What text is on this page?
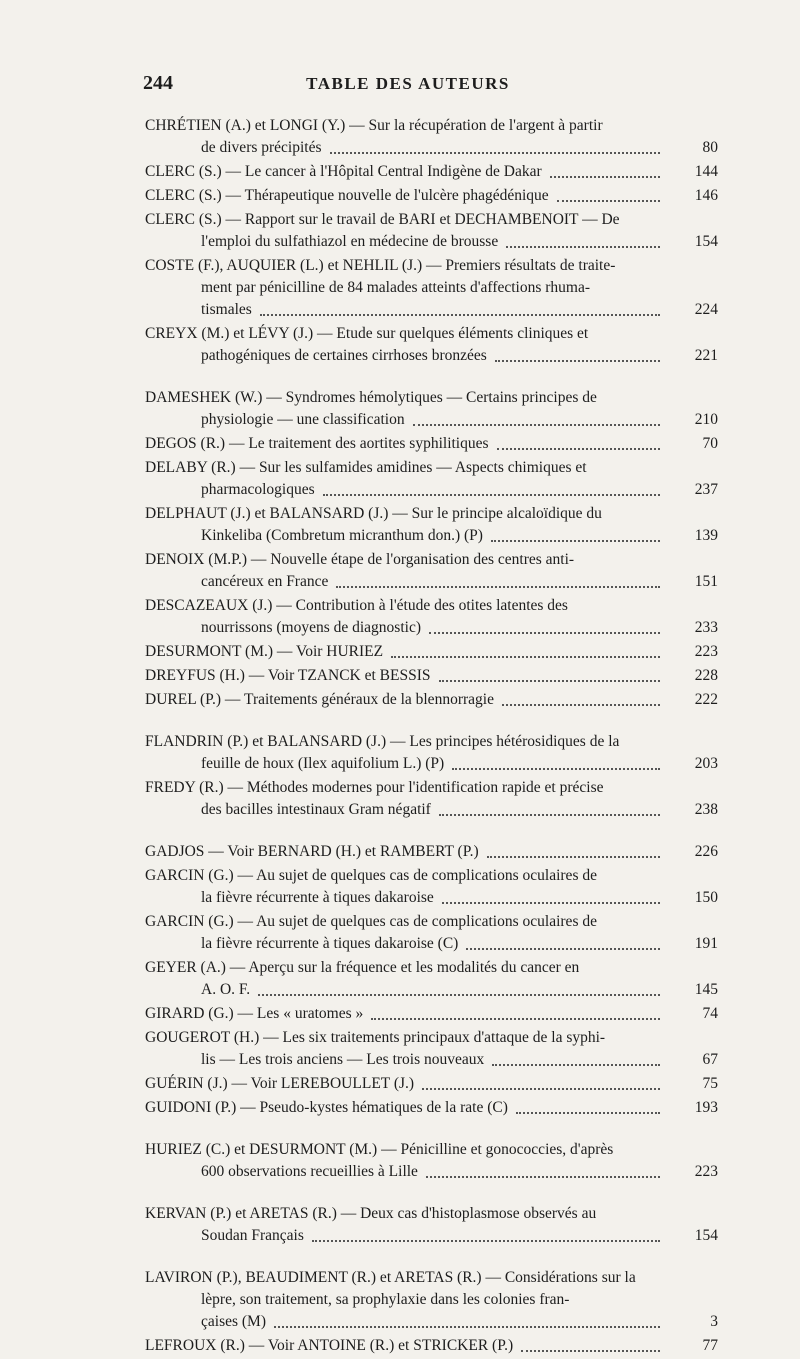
244	TABLE DES AUTEURS
CHRÉTIEN (A.) et LONGI (Y.) — Sur la récupération de l'argent à partir
de divers précipités	80
CLERC (S.) — Le cancer à l'Hôpital Central Indigène de Dakar	144
CLERC (S.) — Thérapeutique nouvelle de l'ulcère phagédénique	146
CLERC (S.) — Rapport sur le travail de BARI et DECHAMBENOIT — De
l'emploi du sulfathiazol en médecine de brousse	154
COSTE (F.), AUQUIER (L.) et NEHLIL (J.) — Premiers résultats de traite-
ment par pénicilline de 84 malades atteints d'affections rhuma-
tismales	224
CREYX (M.) et LÉVY (J.) — Etude sur quelques éléments cliniques et
pathogéniques de certaines cirrhoses bronzées	221
DAMESHEK (W.) — Syndromes hémolytiques — Certains principes de
physiologie — une classification	210
DEGOS (R.) — Le traitement des aortites syphilitiques	70
DELABY (R.) — Sur les sulfamides amidines — Aspects chimiques et
pharmacologiques	237
DELPHAUT (J.) et BALANSARD (J.) — Sur le principe alcaloïdique du
Kinkeliba (Combretum micranthum don.) (P)	139
DENOIX (M.P.) — Nouvelle étape de l'organisation des centres anti-
cancéreux en France	151
DESCAZEAUX (J.) — Contribution à l'étude des otites latentes des
nourrissons (moyens de diagnostic)	233
DESURMONT (M.) — Voir HURIEZ	223
DREYFUS (H.) — Voir TZANCK et BESSIS	228
DUREL (P.) — Traitements généraux de la blennorragie	222
FLANDRIN (P.) et BALANSARD (J.) — Les principes hétérosidiques de la
feuille de houx (Ilex aquifolium L.) (P)	203
FREDY (R.) — Méthodes modernes pour l'identification rapide et précise
des bacilles intestinaux Gram négatif	238
GADJOS — Voir BERNARD (H.) et RAMBERT (P.)	226
GARCIN (G.) — Au sujet de quelques cas de complications oculaires de
la fièvre récurrente à tiques dakaroise	150
GARCIN (G.) — Au sujet de quelques cas de complications oculaires de
la fièvre récurrente à tiques dakaroise (C)	191
GEYER (A.) — Aperçu sur la fréquence et les modalités du cancer en
A. O. F.	145
GIRARD (G.) — Les « uratomes »	74
GOUGEROT (H.) — Les six traitements principaux d'attaque de la syphi-
lis — Les trois anciens — Les trois nouveaux	67
GUÉRIN (J.) — Voir LEREBOULLET (J.)	75
GUIDONI (P.) — Pseudo-kystes hématiques de la rate (C)	193
HURIEZ (C.) et DESURMONT (M.) — Pénicilline et gonococcies, d'après
600 observations recueillies à Lille	223
KERVAN (P.) et ARETAS (R.) — Deux cas d'histoplasmose observés au
Soudan Français	154
LAVIRON (P.), BEAUDIMENT (R.) et ARETAS (R.) — Considérations sur la
lèpre, son traitement, sa prophylaxie dans les colonies fran-
çaises (M)	3
LEFROUX (R.) — Voir ANTOINE (R.) et STRICKER (P.)	77
